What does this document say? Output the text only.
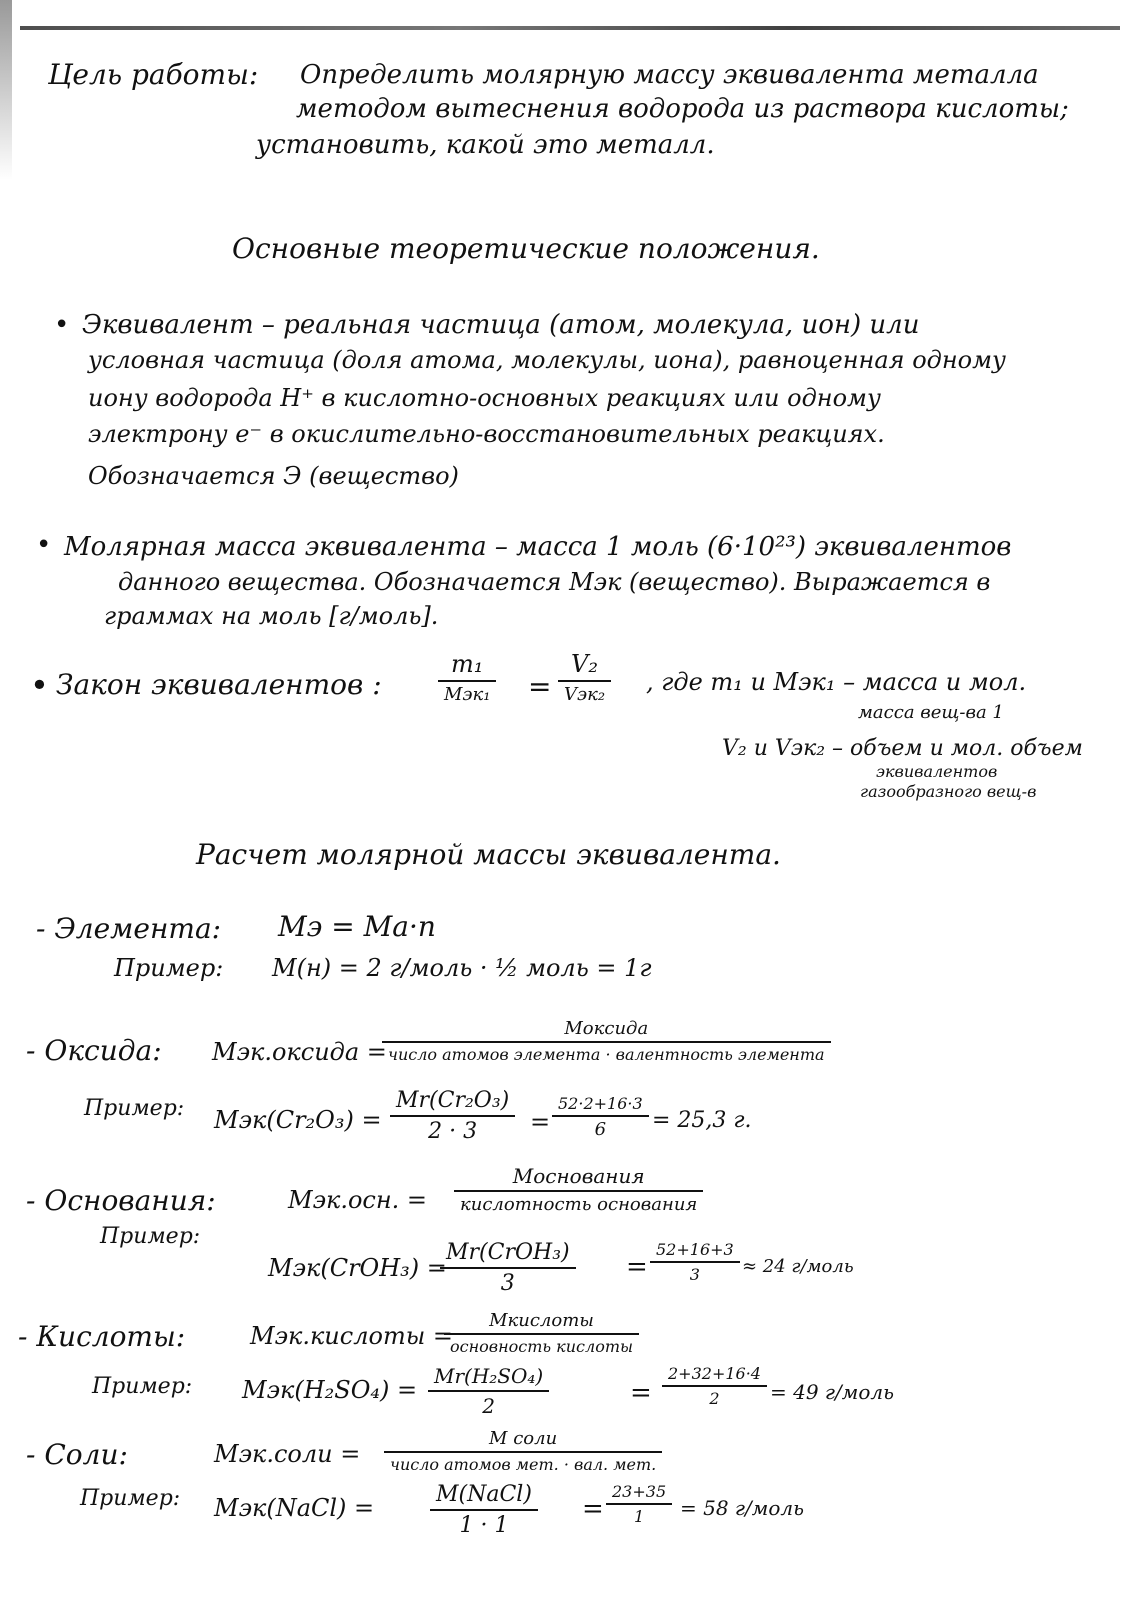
Цель работы: Определить молярную массу эквивалента металла
методом вытеснения водорода из раствора кислоты;
установить, какой это металл.
Основные теоретические положения.
• Эквивалент – реальная частица (атом, молекула, ион) или
условная частица (доля атома, молекулы, иона), равноценная одному
иону водорода H⁺ в кислотно-основных реакциях или одному
электрону e⁻ в окислительно-восстановительных реакциях.
Обозначается Э (вещество)
• Молярная масса эквивалента – масса 1 моль (6·10²³) эквивалентов
данного вещества. Обозначается Mэк (вещество). Выражается в
граммах на моль [г/моль].
• Закон эквивалентов :
m₁
Mэк₁ =
V₂
Vэк₂ , где m₁ и Mэк₁ – масса и мол.
масса вещ-ва 1
V₂ и Vэк₂ – объем и мол. объем
эквивалентов
газообразного вещ-в
Расчет молярной массы эквивалента.
- Элемента: Mэ = Mа·n
Пример: M(н) = 2 г/моль · ½ моль = 1г
- Оксида: Mэк.оксида =
Mоксида
число атомов элемента · валентность элемента
Пример: Mэк(Cr₂O₃) =
Mr(Cr₂O₃)
2 · 3 =
52·2+16·3
6 = 25,3 г.
- Основания:	Mэк.осн. =
Mоснования
кислотность основания
Пример:
Mэк(CrOH₃) =
Mr(CrOH₃)
3
=
52+16+3
3	≈ 24 г/моль
- Кислоты:	Mэк.кислоты =
Mкислоты
основность кислоты
Пример: Mэк(H₂SO₄) = Mr(H₂SO₄)
2	=
2+32+16·4
2	= 49 г/моль
- Соли:	Mэк.соли =
M соли
число атомов мет. · вал. мет.
Пример: Mэк(NaCl) =	M(NaCl)
1 · 1
=
23+35
1	= 58 г/моль
